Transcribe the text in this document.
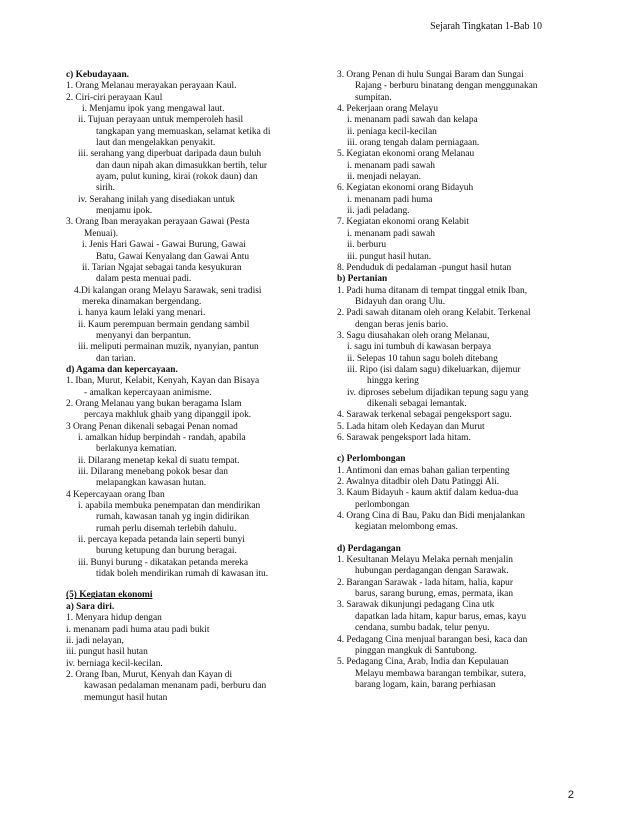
Sejarah Tingkatan 1-Bab 10
c) Kebudayaan.
1. Orang Melanau merayakan perayaan Kaul.
2. Ciri-ciri perayaan Kaul
i. Menjamu ipok yang mengawal laut.
ii. Tujuan perayaan untuk memperoleh hasil
tangkapan yang memuaskan, selamat ketika di
laut dan mengelakkan penyakit.
iii. serahang yang diperbuat daripada daun buluh
dan daun nipah akan dimasukkan bertih, telur
ayam, pulut kuning, kirai (rokok daun) dan
sirih.
iv. Serahang inilah yang disediakan untuk
menjamu ipok.
3. Orang Iban merayakan perayaan Gawai (Pesta
Menuai).
i. Jenis Hari Gawai - Gawai Burung, Gawai
Batu, Gawai Kenyalang dan Gawai Antu
ii. Tarian Ngajat sebagai tanda kesyukuran
dalam pesta menuai padi.
4.Di kalangan orang Melayu Sarawak, seni tradisi
mereka dinamakan bergendang.
i. hanya kaum lelaki yang menari.
ii. Kaum perempuan bermain gendang sambil
menyanyi dan berpantun.
iii. meliputi permainan muzik, nyanyian, pantun
dan tarian.
d) Agama dan kepercayaan.
1. Iban, Murut, Kelabit, Kenyah, Kayan dan Bisaya
- amalkan kepercayaan animisme.
2. Orang Melanau yang bukan beragama Islam
percaya makhluk ghaib yang dipanggil ipok.
3 Orang Penan dikenali sebagai Penan nomad
i. amalkan hidup berpindah - randah, apabila
berlakunya kematian.
ii. Dilarang menetap kekal di suatu tempat.
iii. Dilarang menebang pokok besar dan
melapangkan kawasan hutan.
4 Kepercayaan orang Iban
i. apabila membuka penempatan dan mendirikan
rumah, kawasan tanah yg ingin didirikan
rumah perlu disemah terlebih dahulu.
ii. percaya kepada petanda lain seperti bunyi
burung ketupung dan burung beragai.
iii. Bunyi burung - dikatakan petanda mereka
tidak boleh mendirikan rumah di kawasan itu.
(5) Kegiatan ekonomi
a) Sara diri.
1. Menyara hidup dengan
i. menanam padi huma atau padi bukit
ii. jadi nelayan,
iii. pungut hasil hutan
iv. berniaga kecil-kecilan.
2. Orang Iban, Murut, Kenyah dan Kayan di
kawasan pedalaman menanam padi, berburu dan
memungut hasil hutan
3. Orang Penan di hulu Sungai Baram dan Sungai
Rajang - berburu binatang dengan menggunakan
sumpitan.
4. Pekerjaan orang Melayu
i. menanam padi sawah dan kelapa
ii. peniaga kecil-kecilan
iii. orang tengah dalam perniagaan.
5. Kegiatan ekonomi orang Melanau
i. menanam padi sawah
ii. menjadi nelayan.
6. Kegiatan ekonomi orang Bidayuh
i. menanam padi huma
ii. jadi peladang.
7. Kegiatan ekonomi orang Kelabit
i. menanam padi sawah
ii. berburu
iii. pungut hasil hutan.
8. Penduduk di pedalaman -pungut hasil hutan
b) Pertanian
1. Padi huma ditanam di tempat tinggal etnik Iban,
Bidayuh dan orang Ulu.
2. Padi sawah ditanam oleh orang Kelabit. Terkenal
dengan beras jenis bario.
3. Sagu diusahakan oleh orang Melanau,
i. sagu ini tumbuh di kawasan berpaya
ii. Selepas 10 tahun sagu boleh ditebang
iii. Ripo (isi dalam sagu) dikeluarkan, dijemur
hingga kering
iv. diproses sebelum dijadikan tepung sagu yang
dikenali sebagai lemantak.
4. Sarawak terkenal sebagai pengeksport sagu.
5. Lada hitam oleh Kedayan dan Murut
6. Sarawak pengeksport lada hitam.
c) Perlombongan
1. Antimoni dan emas bahan galian terpenting
2. Awalnya ditadbir oleh Datu Patinggi Ali.
3. Kaum Bidayuh - kaum aktif dalam kedua-dua
perlombongan
4. Orang Cina di Bau, Paku dan Bidi menjalankan
kegiatan melombong emas.
d) Perdagangan
1. Kesultanan Melayu Melaka pernah menjalin
hubungan perdagangan dengan Sarawak.
2. Barangan Sarawak - lada hitam, halia, kapur
barus, sarang burung, emas, permata, ikan
3. Sarawak dikunjungi pedagang Cina utk
dapatkan lada hitam, kapur barus, emas, kayu
cendana, sumbu badak, telur penyu.
4. Pedagang Cina menjual barangan besi, kaca dan
pinggan mangkuk di Santubong.
5. Pedagang Cina, Arab, India dan Kepulauan
Melayu membawa barangan tembikar, sutera,
barang logam, kain, barang perhiasan
2
